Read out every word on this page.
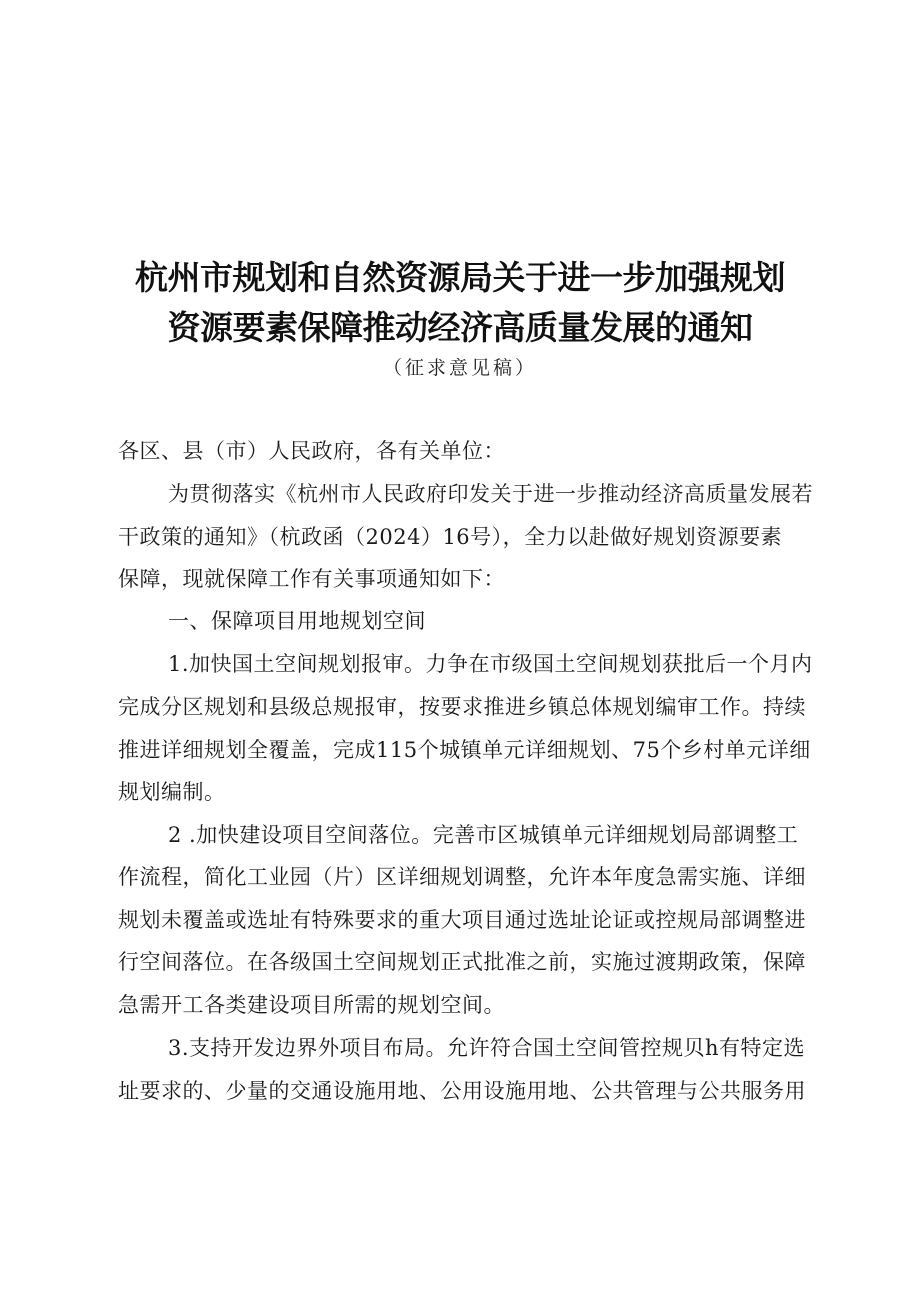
杭州市规划和自然资源局关于进一步加强规划
资源要素保障推动经济高质量发展的通知
（征求意见稿）
各区、县（市）人民政府，各有关单位：
为贯彻落实《杭州市人民政府印发关于进一步推动经济高质量发展若
干政策的通知》（杭政函（2024）16号），全力以赴做好规划资源要素
保障，现就保障工作有关事项通知如下：
一、保障项目用地规划空间
1.加快国土空间规划报审。力争在市级国土空间规划获批后一个月内
完成分区规划和县级总规报审，按要求推进乡镇总体规划编审工作。持续
推进详细规划全覆盖，完成115个城镇单元详细规划、75个乡村单元详细
规划编制。
2 .加快建设项目空间落位。完善市区城镇单元详细规划局部调整工
作流程，简化工业园（片）区详细规划调整，允许本年度急需实施、详细
规划未覆盖或选址有特殊要求的重大项目通过选址论证或控规局部调整进
行空间落位。在各级国土空间规划正式批准之前，实施过渡期政策，保障
急需开工各类建设项目所需的规划空间。
3.支持开发边界外项目布局。允许符合国土空间管控规贝h有特定选
址要求的、少量的交通设施用地、公用设施用地、公共管理与公共服务用
